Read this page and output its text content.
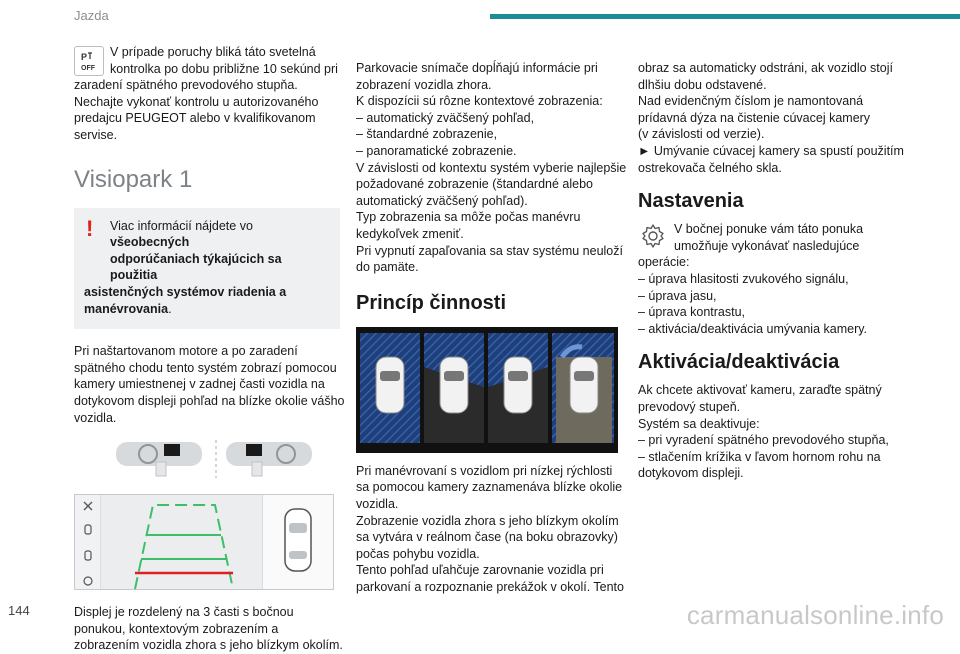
Jazda
P
OFF
V prípade poruchy bliká táto svetelná
kontrolka po dobu približne 10 sekúnd pri
zaradení spätného prevodového stupňa.
Nechajte vykonať kontrolu u autorizovaného
predajcu PEUGEOT alebo v kvalifikovanom
servise.
Visiopark 1
!	Viac informácií nájdete vo všeobecných

odporúčaniach týkajúcich sa použitia

asistenčných systémov riadenia a

manévrovania.

Pri naštartovanom motore a po zaradení
spätného chodu tento systém zobrazí pomocou
kamery umiestnenej v zadnej časti vozidla na
dotykovom displeji pohľad na blízke okolie vášho
vozidla.
Displej je rozdelený na 3 časti s bočnou
ponukou, kontextovým zobrazením a
zobrazením vozidla zhora s jeho blízkym okolím.
Parkovacie snímače dopĺňajú informácie pri
zobrazení vozidla zhora.
K dispozícii sú rôzne kontextové zobrazenia:
– automatický zväčšený pohľad,
– štandardné zobrazenie,
– panoramatické zobrazenie.
V závislosti od kontextu systém vyberie najlepšie
požadované zobrazenie (štandardné alebo
automatický zväčšený pohľad).
Typ zobrazenia sa môže počas manévru
kedykoľvek zmeniť.
Pri vypnutí zapaľovania sa stav systému neuloží
do pamäte.
Princíp činnosti
Pri manévrovaní s vozidlom pri nízkej rýchlosti
sa pomocou kamery zaznamenáva blízke okolie
vozidla.
Zobrazenie vozidla zhora s jeho blízkym okolím
sa vytvára v reálnom čase (na boku obrazovky)
počas pohybu vozidla.
Tento pohľad uľahčuje zarovnanie vozidla pri
parkovaní a rozpoznanie prekážok v okolí. Tento
obraz sa automaticky odstráni, ak vozidlo stojí
dlhšiu dobu odstavené.
Nad evidenčným číslom je namontovaná
prídavná dýza na čistenie cúvacej kamery
(v závislosti od verzie).
► Umývanie cúvacej kamery sa spustí použitím
ostrekovača čelného skla.
Nastavenia
V bočnej ponuke vám táto ponuka
umožňuje vykonávať nasledujúce
operácie:
– úprava hlasitosti zvukového signálu,
– úprava jasu,
– úprava kontrastu,
– aktivácia/deaktivácia umývania kamery.
Aktivácia/deaktivácia
Ak chcete aktivovať kameru, zaraďte spätný
prevodový stupeň.
Systém sa deaktivuje:
– pri vyradení spätného prevodového stupňa,
– stlačením krížika v ľavom hornom rohu na
dotykovom displeji.
144	carmanualsonline.info
